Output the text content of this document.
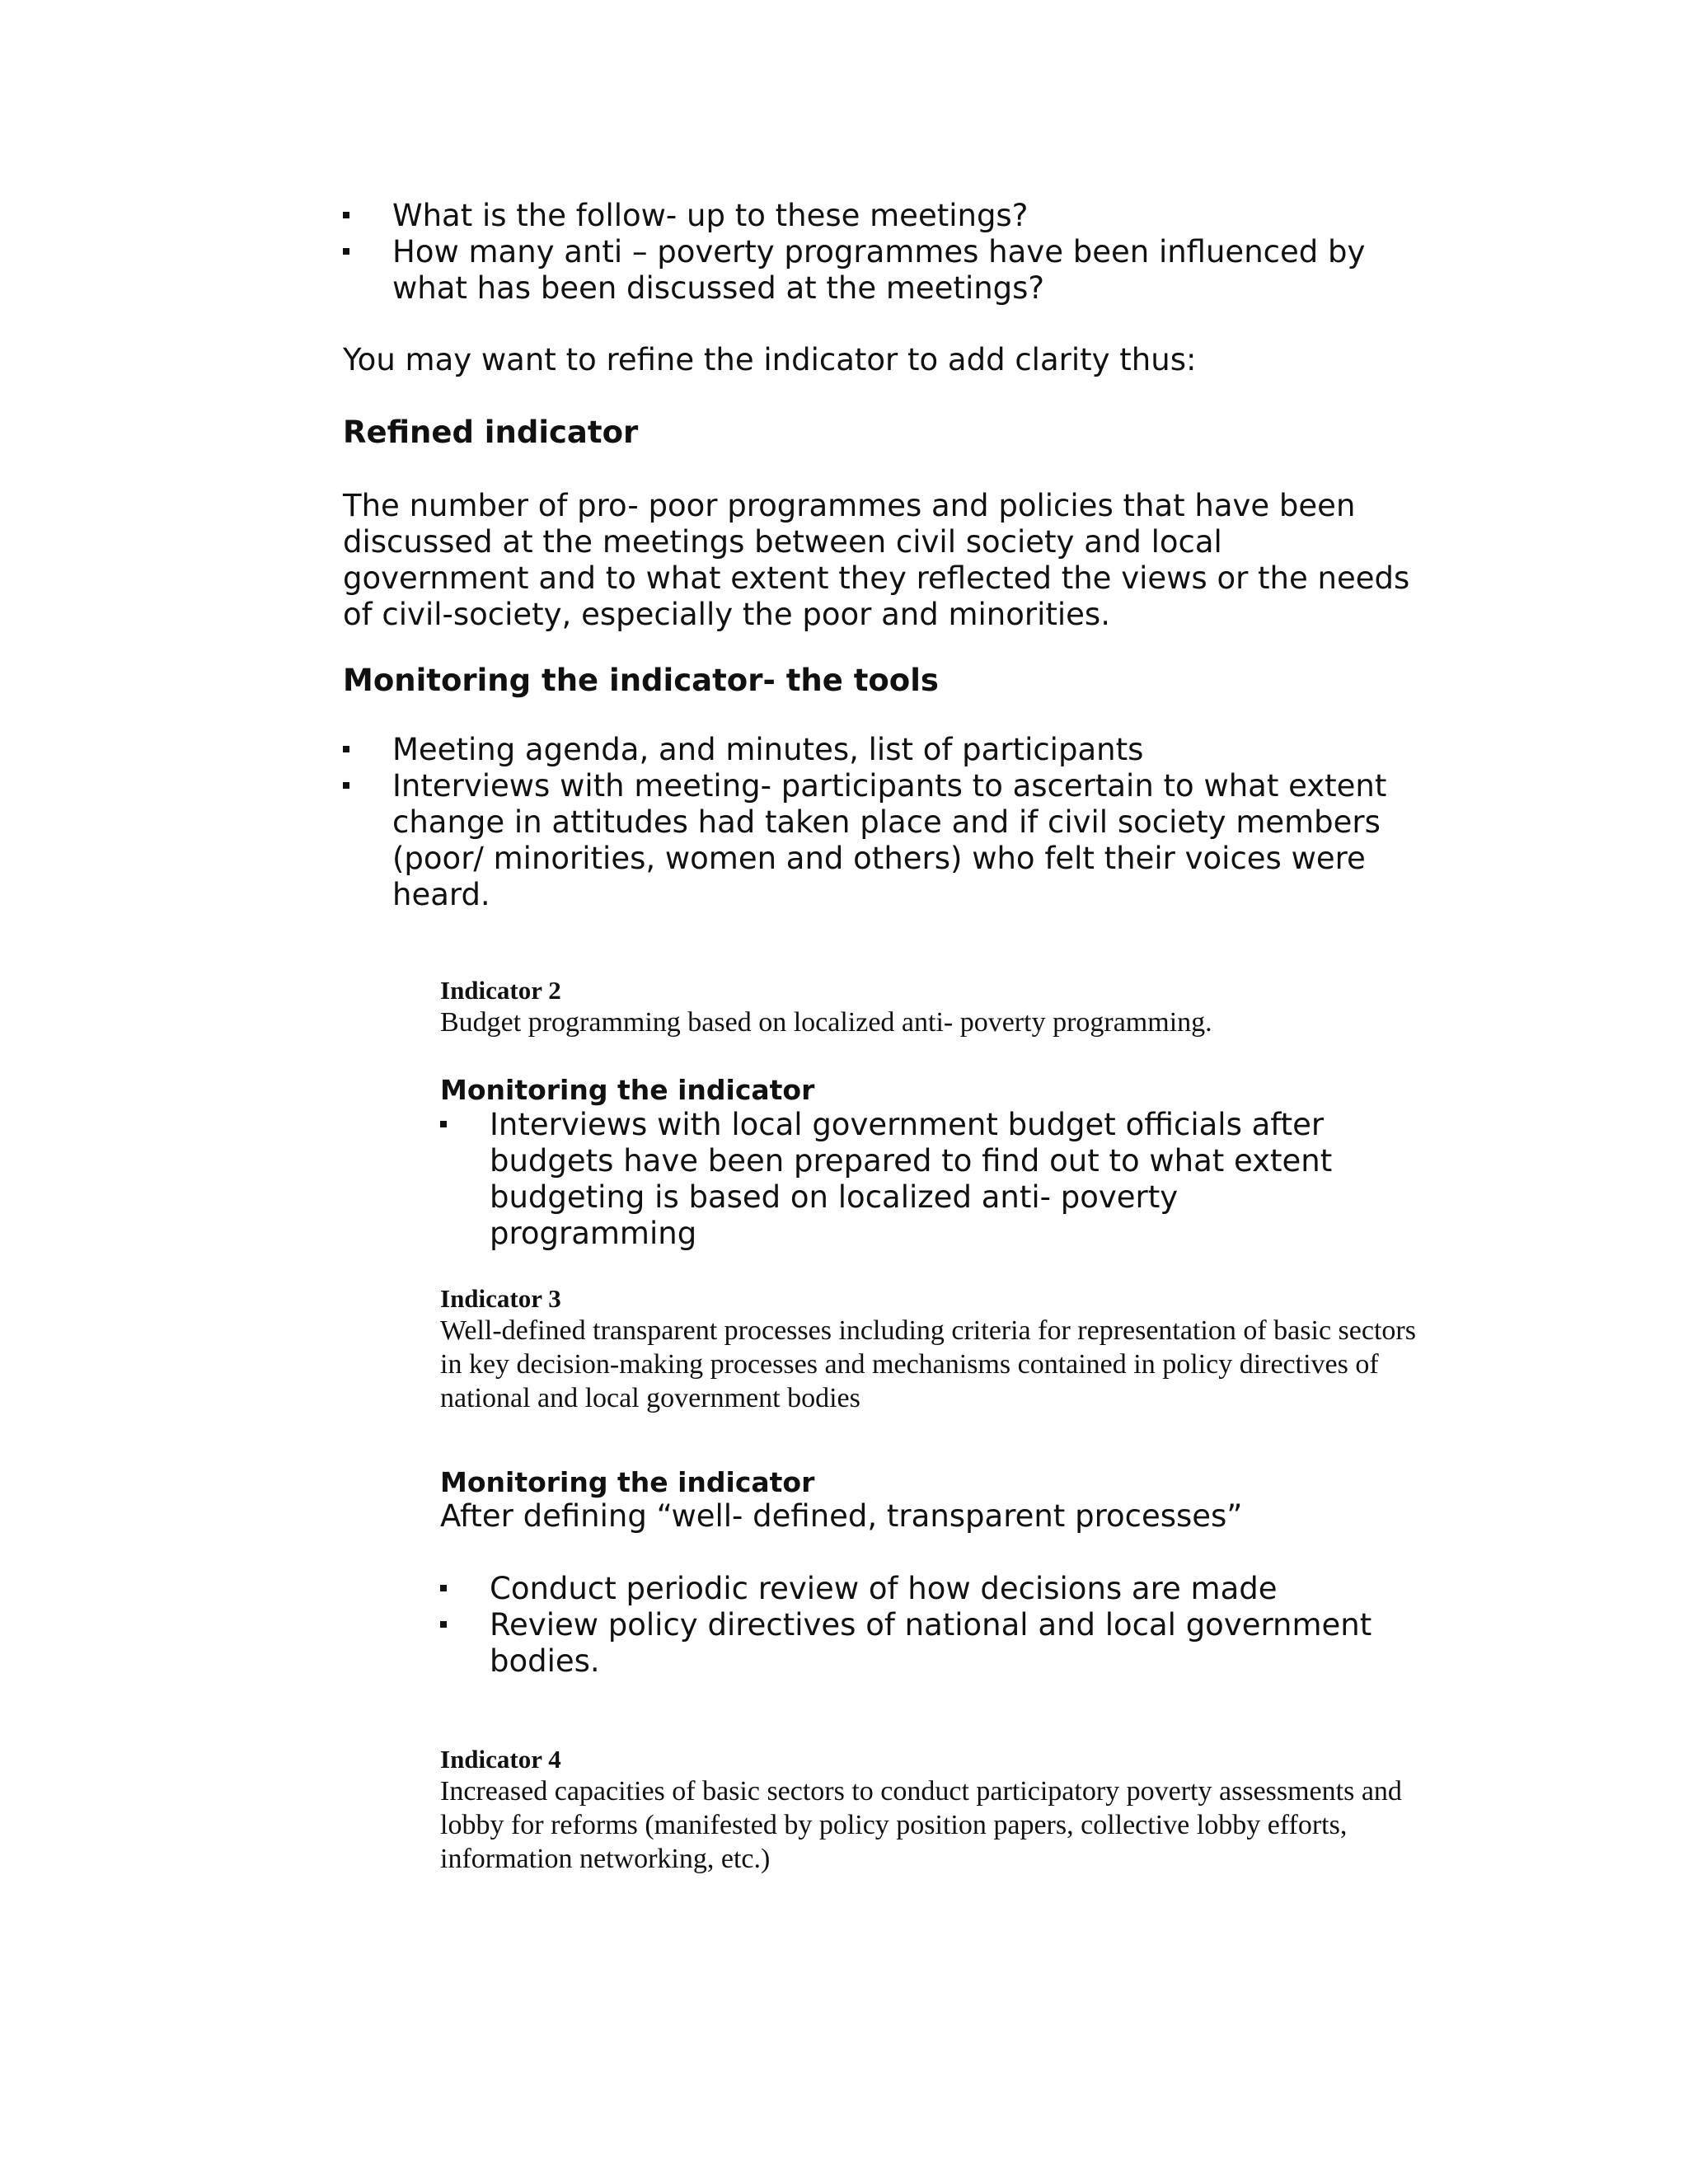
What is the follow- up to these meetings?
How many anti – poverty programmes have been influenced by what has been discussed at the meetings?

You may want to refine the indicator to add clarity thus:

Refined indicator

The number of pro- poor programmes and policies that have been discussed at the meetings between civil society and local government and to what extent they reflected the views or the needs of civil-society, especially the poor and minorities.

Monitoring the indicator- the tools

Meeting agenda, and minutes, list of participants
Interviews with meeting- participants to ascertain to what extent change in attitudes had taken place and if civil society members (poor/ minorities, women and others) who felt their voices were heard.

Indicator 2

Budget programming based on localized anti- poverty programming.

Monitoring the indicator

Interviews with local government budget officials after budgets have been prepared to find out to what extent budgeting is based on localized anti- poverty programming

Indicator 3

Well-defined transparent processes including criteria for representation of basic sectors in key decision-making processes and mechanisms contained in policy directives of national and local government bodies

Monitoring the indicator

After defining “well- defined, transparent processes”

Conduct periodic review of how decisions are made
Review policy directives of national and local government bodies.

Indicator 4

Increased capacities of basic sectors to conduct participatory poverty assessments and lobby for reforms (manifested by policy position papers, collective lobby efforts, information networking, etc.)
